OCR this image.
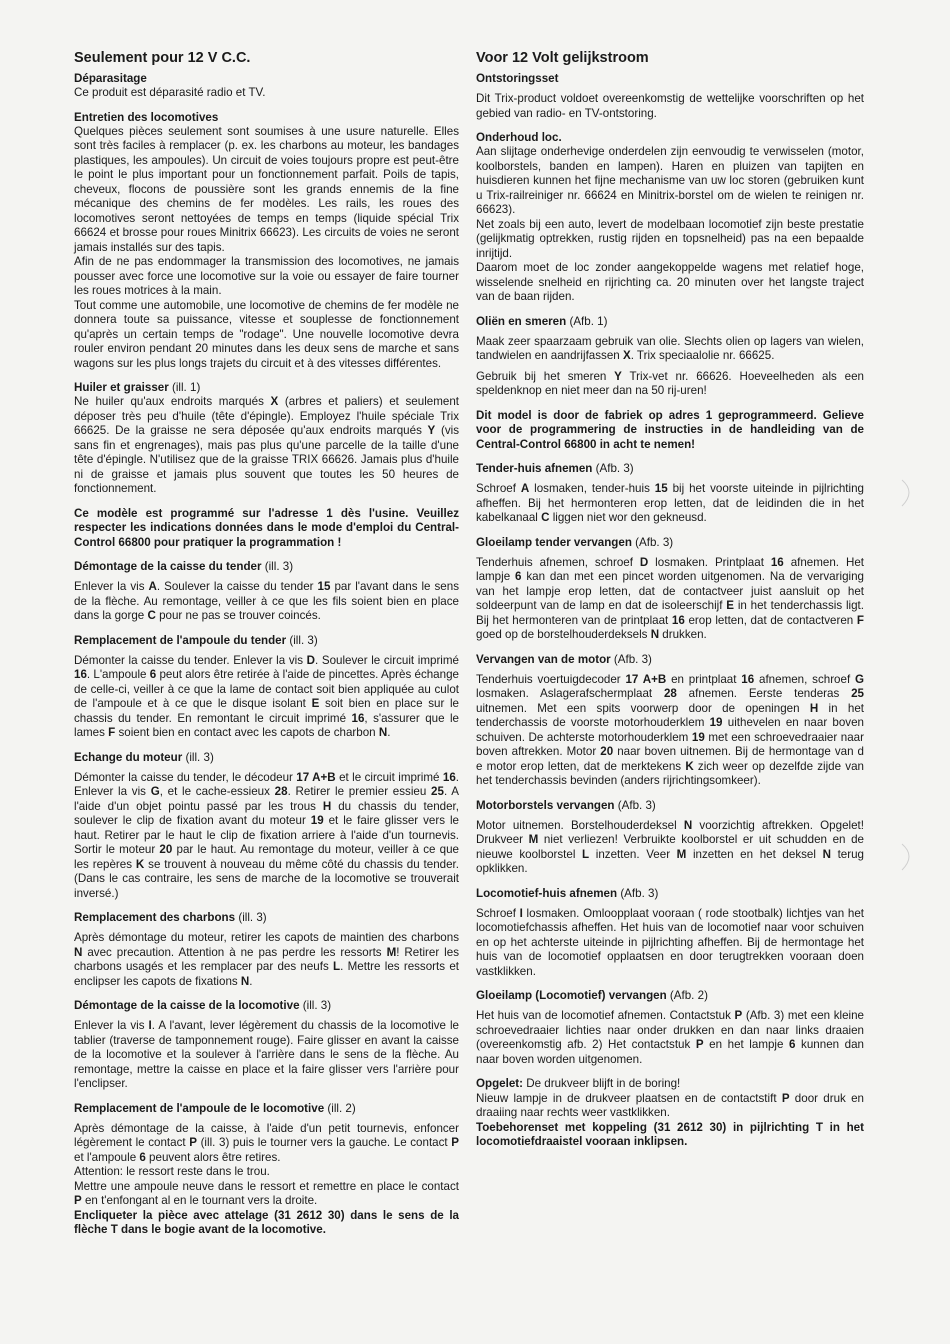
Seulement pour 12 V C.C.
Déparasitage

Ce produit est déparasité radio et TV.

Entretien des locomotives

Quelques pièces seulement sont soumises à une usure naturelle. Elles sont très faciles à remplacer (p. ex. les charbons au moteur, les bandages plastiques, les ampoules). Un circuit de voies toujours propre est peut-être le point le plus important pour un fonctionnement parfait. Poils de tapis, cheveux, flocons de poussière sont les grands ennemis de la fine mécanique des chemins de fer modèles. Les rails, les roues des locomotives seront nettoyées de temps en temps (liquide spécial Trix 66624 et brosse pour roues Minitrix 66623). Les circuits de voies ne seront jamais installés sur des tapis.

Afin de ne pas endommager la transmission des locomotives, ne jamais pousser avec force une locomotive sur la voie ou essayer de faire tourner les roues motrices à la main.

Tout comme une automobile, une locomotive de chemins de fer modèle ne donnera toute sa puissance, vitesse et souplesse de fonctionnement qu'après un certain temps de "rodage". Une nouvelle locomotive devra rouler environ pendant 20 minutes dans les deux sens de marche et sans wagons sur les plus longs trajets du circuit et à des vitesses différentes.

Huiler et graisser (ill. 1)

Ne huiler qu'aux endroits marqués X (arbres et paliers) et seulement déposer très peu d'huile (tête d'épingle). Employez l'huile spéciale Trix 66625. De la graisse ne sera déposée qu'aux endroits marqués Y (vis sans fin et engrenages), mais pas plus qu'une parcelle de la taille d'une tête d'épingle. N'utilisez que de la graisse TRIX 66626. Jamais plus d'huile ni de graisse et jamais plus souvent que toutes les 50 heures de fonctionnement.

Ce modèle est programmé sur l'adresse 1 dès l'usine. Veuillez respecter les indications données dans le mode d'emploi du Central-Control 66800 pour pratiquer la programmation !

Démontage de la caisse du tender (ill. 3)

Enlever la vis A. Soulever la caisse du tender 15 par l'avant dans le sens de la flèche. Au remontage, veiller à ce que les fils soient bien en place dans la gorge C pour ne pas se trouver coincés.

Remplacement de l'ampoule du tender (ill. 3)

Démonter la caisse du tender. Enlever la vis D. Soulever le circuit imprimé 16. L'ampoule 6 peut alors être retirée à l'aide de pincettes. Après échange de celle-ci, veiller à ce que la lame de contact soit bien appliquée au culot de l'ampoule et à ce que le disque isolant E soit bien en place sur le chassis du tender. En remontant le circuit imprimé 16, s'assurer que le lames F soient bien en contact avec les capots de charbon N.

Echange du moteur (ill. 3)

Démonter la caisse du tender, le décodeur 17 A+B et le circuit imprimé 16. Enlever la vis G, et le cache-essieux 28. Retirer le premier essieu 25. A l'aide d'un objet pointu passé par les trous H du chassis du tender, soulever le clip de fixation avant du moteur 19 et le faire glisser vers le haut. Retirer par le haut le clip de fixation arriere à l'aide d'un tournevis. Sortir le moteur 20 par le haut. Au remontage du moteur, veiller à ce que les repères K se trouvent à nouveau du même côté du chassis du tender. (Dans le cas contraire, les sens de marche de la locomotive se trouverait inversé.)

Remplacement des charbons (ill. 3)

Après démontage du moteur, retirer les capots de maintien des charbons N avec precaution. Attention à ne pas perdre les ressorts M! Retirer les charbons usagés et les remplacer par des neufs L. Mettre les ressorts et enclipser les capots de fixations N.

Démontage de la caisse de la locomotive (ill. 3)

Enlever la vis I. A l'avant, lever légèrement du chassis de la locomotive le tablier (traverse de tamponnement rouge). Faire glisser en avant la caisse de la locomotive et la soulever à l'arrière dans le sens de la flèche. Au remontage, mettre la caisse en place et la faire glisser vers l'arrière pour l'enclipser.

Remplacement de l'ampoule de le locomotive (ill. 2)

Après démontage de la caisse, à l'aide d'un petit tournevis, enfoncer légèrement le contact P (ill. 3) puis le tourner vers la gauche. Le contact P et l'ampoule 6 peuvent alors être retires.

Attention: le ressort reste dans le trou.

Mettre une ampoule neuve dans le ressort et remettre en place le contact P en t'enfongant al en le tournant vers la droite.

Encliqueter la pièce avec attelage (31 2612 30) dans le sens de la flèche T dans le bogie avant de la locomotive.

Voor 12 Volt gelijkstroom
Ontstoringsset

Dit Trix-product voldoet overeenkomstig de wettelijke voorschriften op het gebied van radio- en TV-ontstoring.

Onderhoud loc.

Aan slijtage onderhevige onderdelen zijn eenvoudig te verwisselen (motor, koolborstels, banden en lampen). Haren en pluizen van tapijten en huisdieren kunnen het fijne mechanisme van uw loc storen (gebruiken kunt u Trix-railreiniger nr. 66624 en Minitrix-borstel om de wielen te reinigen nr. 66623).

Net zoals bij een auto, levert de modelbaan locomotief zijn beste prestatie (gelijkmatig optrekken, rustig rijden en topsnelheid) pas na een bepaalde inrijtijd.

Daarom moet de loc zonder aangekoppelde wagens met relatief hoge, wisselende snelheid en rijrichting ca. 20 minuten over het langste traject van de baan rijden.

Oliën en smeren (Afb. 1)

Maak zeer spaarzaam gebruik van olie. Slechts olien op lagers van wielen, tandwielen en aandrijfassen X. Trix speciaalolie nr. 66625.

Gebruik bij het smeren Y Trix-vet nr. 66626. Hoeveelheden als een speldenknop en niet meer dan na 50 rij-uren!

Dit model is door de fabriek op adres 1 geprogrammeerd. Gelieve voor de programmering de instructies in de handleiding van de Central-Control 66800 in acht te nemen!

Tender-huis afnemen (Afb. 3)

Schroef A losmaken, tender-huis 15 bij het voorste uiteinde in pijlrichting afheffen. Bij het hermonteren erop letten, dat de leidinden die in het kabelkanaal C liggen niet wor den gekneusd.

Gloeilamp tender vervangen (Afb. 3)

Tenderhuis afnemen, schroef D losmaken. Printplaat 16 afnemen. Het lampje 6 kan dan met een pincet worden uitgenomen. Na de vervariging van het lampje erop letten, dat de contactveer juist aansluit op het soldeerpunt van de lamp en dat de isoleerschijf E in het tenderchassis ligt. Bij het hermonteren van de printplaat 16 erop letten, dat de contactveren F goed op de borstelhouderdeksels N drukken.

Vervangen van de motor (Afb. 3)

Tenderhuis voertuigdecoder 17 A+B en printplaat 16 afnemen, schroef G losmaken. Aslagerafschermplaat 28 afnemen. Eerste tenderas 25 uitnemen. Met een spits voorwerp door de openingen H in het tenderchassis de voorste motorhouderklem 19 uithevelen en naar boven schuiven. De achterste motorhouderklem 19 met een schroevedraaier naar boven aftrekken. Motor 20 naar boven uitnemen. Bij de hermontage van d e motor erop letten, dat de merktekens K zich weer op dezelfde zijde van het tenderchassis bevinden (anders rijrichtingsomkeer).

Motorborstels vervangen (Afb. 3)

Motor uitnemen. Borstelhouderdeksel N voorzichtig aftrekken. Opgelet! Drukveer M niet verliezen! Verbruikte koolborstel er uit schudden en de nieuwe koolborstel L inzetten. Veer M inzetten en het deksel N terug opklikken.

Locomotief-huis afnemen (Afb. 3)

Schroef I losmaken. Omloopplaat vooraan ( rode stootbalk) lichtjes van het locomotiefchassis afheffen. Het huis van de locomotief naar voor schuiven en op het achterste uiteinde in pijlrichting afheffen. Bij de hermontage het huis van de locomotief opplaatsen en door terugtrekken vooraan doen vastklikken.

Gloeilamp (Locomotief) vervangen (Afb. 2)

Het huis van de locomotief afnemen. Contactstuk P (Afb. 3) met een kleine schroevedraaier lichties naar onder drukken en dan naar links draaien (overeenkomstig afb. 2) Het contactstuk P en het lampje 6 kunnen dan naar boven worden uitgenomen.

Opgelet: De drukveer blijft in de boring!

Nieuw lampje in de drukveer plaatsen en de contactstift P door druk en draaiing naar rechts weer vastklikken.

Toebehorenset met koppeling (31 2612 30) in pijlrichting T in het locomotiefdraaistel vooraan inklipsen.
